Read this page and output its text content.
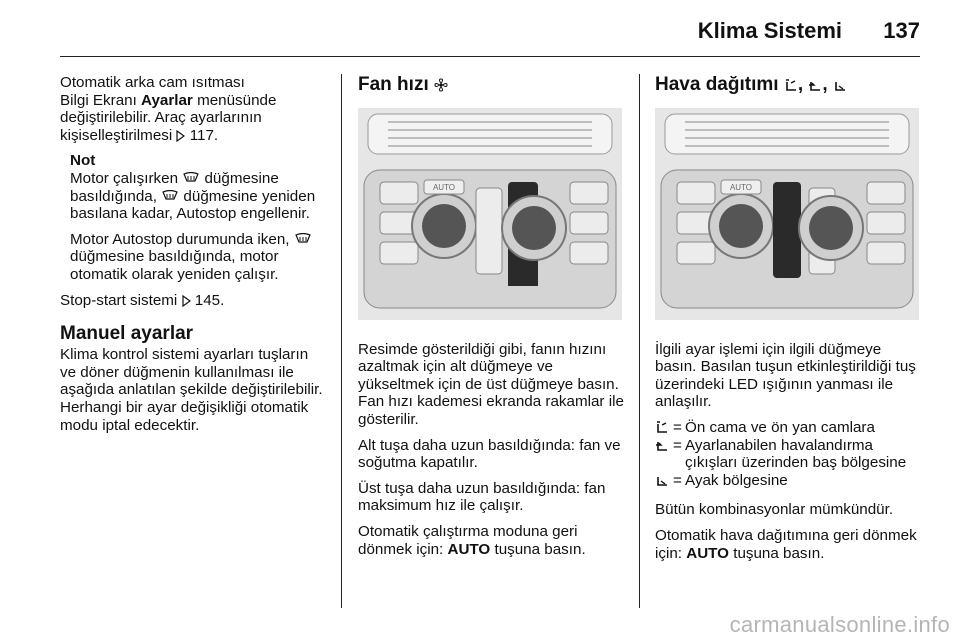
Klima Sistemi 137

Otomatik arka cam ısıtması
Bilgi Ekranı Ayarlar menüsünde değiştirilebilir. Araç ayarlarının kişiselleştirilmesi  117.

Not

Motor çalışırken  düğmesine basıldığında,  düğmesine yeniden basılana kadar, Autostop engellenir.

Motor Autostop durumunda iken,  düğmesine basıldığında, motor otomatik olarak yeniden çalışır.

Stop-start sistemi  145.

Manuel ayarlar

Klima kontrol sistemi ayarları tuşların ve döner düğmenin kullanılması ile aşağıda anlatılan şekilde değiştirilebilir. Herhangi bir ayar değişikliği otomatik modu iptal edecektir.

Fan hızı
AUTO

Resimde gösterildiği gibi, fanın hızını azaltmak için alt düğmeye ve yükseltmek için de üst düğmeye basın. Fan hızı kademesi ekranda rakamlar ile gösterilir.

Alt tuşa daha uzun basıldığında: fan ve soğutma kapatılır.

Üst tuşa daha uzun basıldığında: fan maksimum hız ile çalışır.

Otomatik çalıştırma moduna geri dönmek için: AUTO tuşuna basın.

Hava dağıtımı , ,
AUTO

İlgili ayar işlemi için ilgili düğmeye basın. Basılan tuşun etkinleştirildiği tuş üzerindeki LED ışığının yanması ile anlaşılır.

= Ön cama ve ön yan camlara
= Ayarlanabilen havalandırma çıkışları üzerinden baş bölgesine
= Ayak bölgesine

Bütün kombinasyonlar mümkündür.

Otomatik hava dağıtımına geri dönmek için: AUTO tuşuna basın.

carmanualsonline.info
